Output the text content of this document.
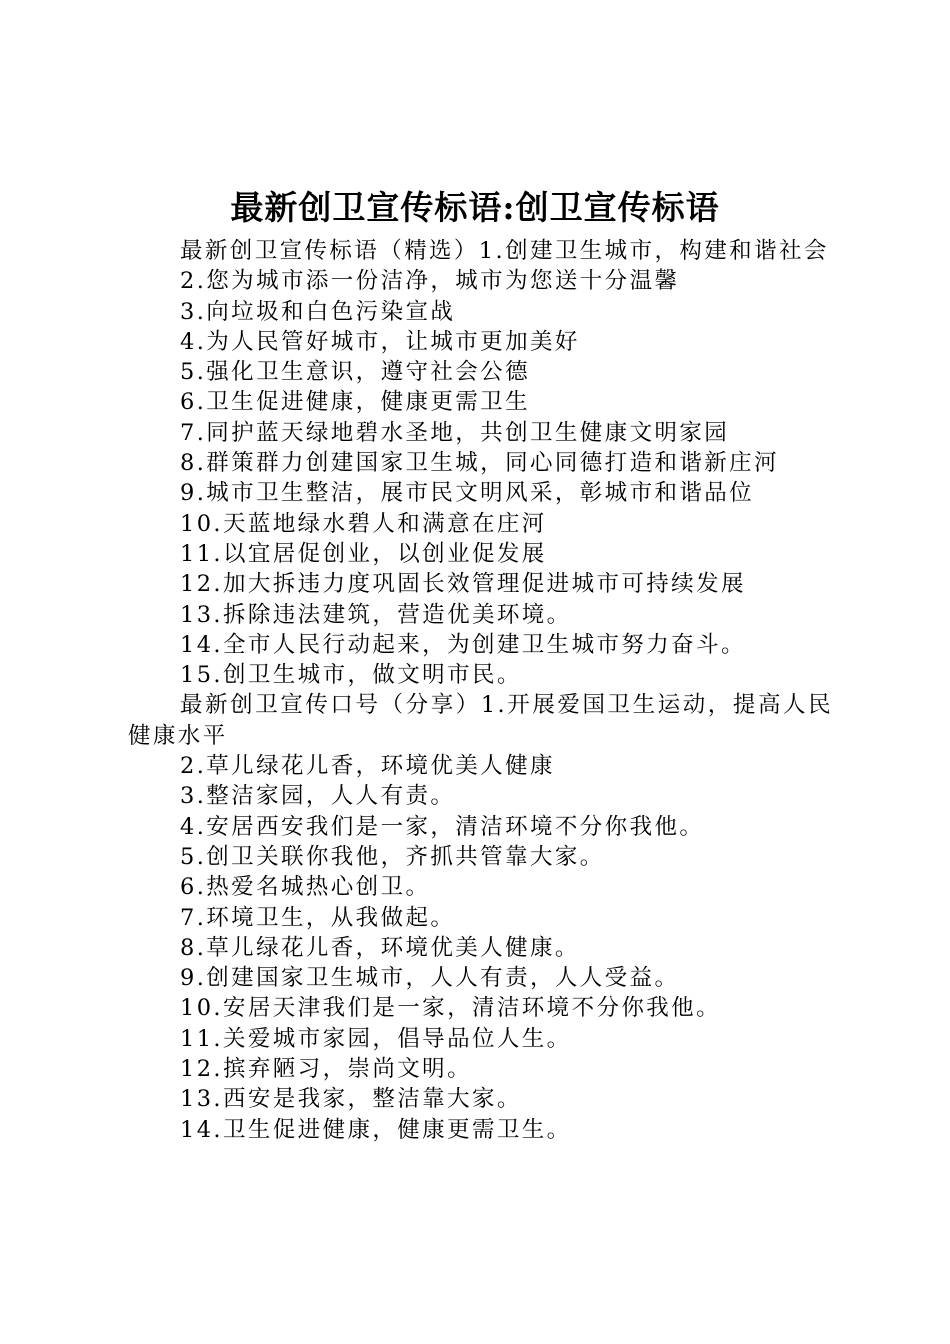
最新创卫宣传标语:创卫宣传标语

最新创卫宣传标语（精选）1.创建卫生城市，构建和谐社会

2.您为城市添一份洁净，城市为您送十分温馨

3.向垃圾和白色污染宣战

4.为人民管好城市，让城市更加美好

5.强化卫生意识，遵守社会公德

6.卫生促进健康，健康更需卫生

7.同护蓝天绿地碧水圣地，共创卫生健康文明家园

8.群策群力创建国家卫生城，同心同德打造和谐新庄河

9.城市卫生整洁，展市民文明风采，彰城市和谐品位

10.天蓝地绿水碧人和满意在庄河

11.以宜居促创业，以创业促发展

12.加大拆违力度巩固长效管理促进城市可持续发展

13.拆除违法建筑，营造优美环境。

14.全市人民行动起来，为创建卫生城市努力奋斗。

15.创卫生城市，做文明市民。

最新创卫宣传口号（分享）1.开展爱国卫生运动，提高人民健康水平

2.草儿绿花儿香，环境优美人健康

3.整洁家园，人人有责。

4.安居西安我们是一家，清洁环境不分你我他。

5.创卫关联你我他，齐抓共管靠大家。

6.热爱名城热心创卫。

7.环境卫生，从我做起。

8.草儿绿花儿香，环境优美人健康。

9.创建国家卫生城市，人人有责，人人受益。

10.安居天津我们是一家，清洁环境不分你我他。

11.关爱城市家园，倡导品位人生。

12.摈弃陋习，崇尚文明。

13.西安是我家，整洁靠大家。

14.卫生促进健康，健康更需卫生。
